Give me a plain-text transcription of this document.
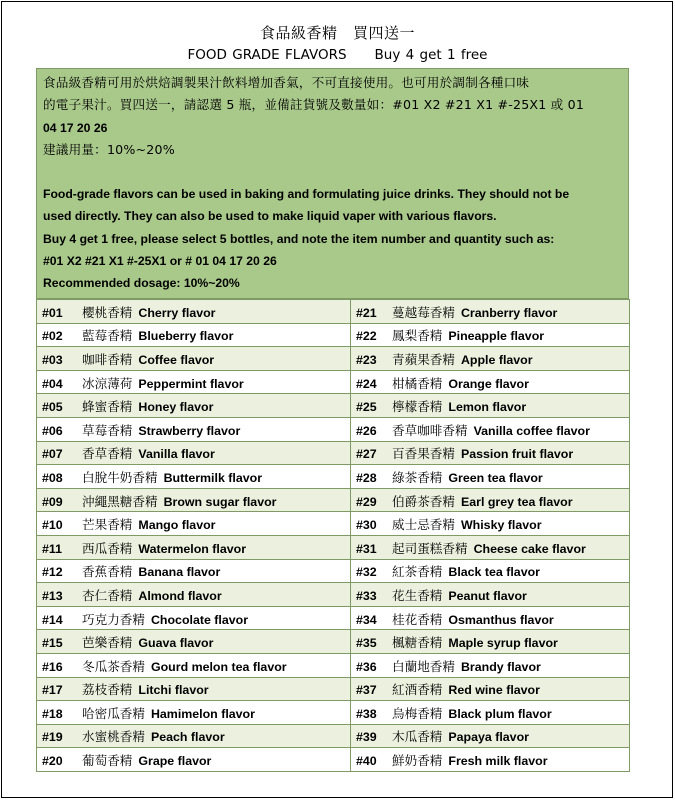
食品級香精　買四送一
FOOD GRADE FLAVORS Buy 4 get 1 free
食品級香精可用於烘焙調製果汁飲料增加香氣，不可直接使用。也可用於調制各種口味
的電子果汁。買四送一，請認選 5 瓶，並備註貨號及數量如：#01 X2 #21 X1 #-25X1 或 01
04 17 20 26
建議用量：10%~20%
Food-grade flavors can be used in baking and formulating juice drinks. They should not be
used directly. They can also be used to make liquid vaper with various flavors.
Buy 4 get 1 free, please select 5 bottles, and note the item number and quantity such as:
#01 X2 #21 X1 #-25X1 or # 01 04 17 20 26
Recommended dosage: 10%~20%
#01 櫻桃香精 Cherry flavor	#21 蔓越莓香精 Cranberry flavor
#02 藍莓香精 Blueberry flavor	#22 鳳梨香精 Pineapple flavor
#03 咖啡香精 Coffee flavor	#23 青蘋果香精 Apple flavor
#04 冰涼薄荷 Peppermint flavor	#24 柑橘香精 Orange flavor
#05 蜂蜜香精 Honey flavor	#25 檸檬香精 Lemon flavor
#06 草莓香精 Strawberry flavor	#26 香草咖啡香精 Vanilla coffee flavor
#07 香草香精 Vanilla flavor	#27 百香果香精 Passion fruit flavor
#08 白脫牛奶香精 Buttermilk flavor	#28 綠茶香精 Green tea flavor
#09 沖繩黑糖香精 Brown sugar flavor	#29 伯爵茶香精 Earl grey tea flavor
#10 芒果香精 Mango flavor	#30 威士忌香精 Whisky flavor
#11 西瓜香精 Watermelon flavor	#31 起司蛋糕香精 Cheese cake flavor
#12 香蕉香精 Banana flavor	#32 紅茶香精 Black tea flavor
#13 杏仁香精 Almond flavor	#33 花生香精 Peanut flavor
#14 巧克力香精 Chocolate flavor	#34 桂花香精 Osmanthus flavor
#15 芭樂香精 Guava flavor	#35 楓糖香精 Maple syrup flavor
#16 冬瓜茶香精 Gourd melon tea flavor	#36 白蘭地香精 Brandy flavor
#17 荔枝香精 Litchi flavor	#37 紅酒香精 Red wine flavor
#18 哈密瓜香精 Hamimelon flavor	#38 烏梅香精 Black plum flavor
#19 水蜜桃香精 Peach flavor	#39 木瓜香精 Papaya flavor
#20 葡萄香精 Grape flavor	#40 鮮奶香精 Fresh milk flavor
